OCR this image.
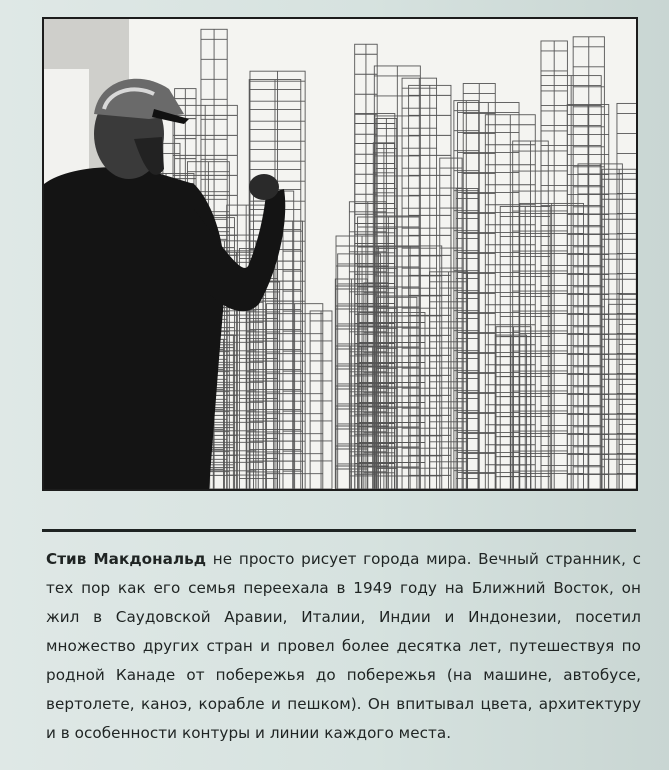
Стив Макдональд не просто рисует города мира. Вечный странник, с тех пор как его семья переехала в 1949 году на Ближний Восток, он жил в Саудовской Аравии, Италии, Индии и Индонезии, посетил множество других стран и провел более десятка лет, путешествуя по родной Канаде от побережья до побережья (на машине, автобусе, вертолете, каноэ, корабле и пешком). Он впитывал цвета, архитектуру и в особенности контуры и линии каждого места.
